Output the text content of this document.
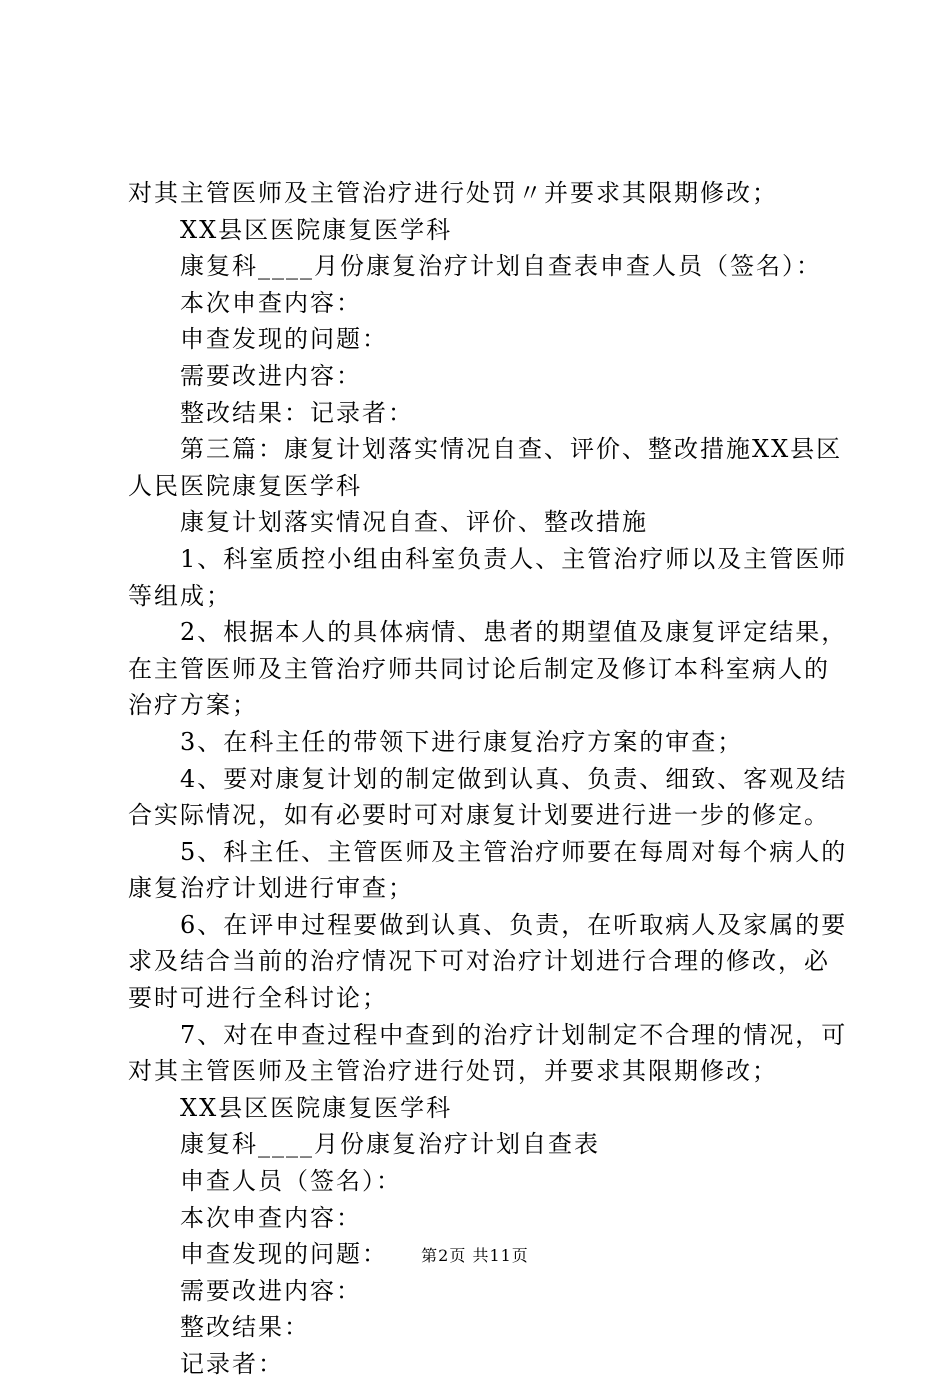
对其主管医师及主管治疗进行处罚〃并要求其限期修改；
XX县区医院康复医学科
康复科____月份康复治疗计划自查表申查人员（签名）：
本次申查内容：
申查发现的问题：
需要改进内容：
整改结果：记录者：
第三篇：康复计划落实情况自查、评价、整改措施XX县区
人民医院康复医学科
康复计划落实情况自查、评价、整改措施
1、科室质控小组由科室负责人、主管治疗师以及主管医师
等组成；
2、根据本人的具体病情、患者的期望值及康复评定结果，
在主管医师及主管治疗师共同讨论后制定及修订本科室病人的
治疗方案；
3、在科主任的带领下进行康复治疗方案的审查；
4、要对康复计划的制定做到认真、负责、细致、客观及结
合实际情况，如有必要时可对康复计划要进行进一步的修定。
5、科主任、主管医师及主管治疗师要在每周对每个病人的
康复治疗计划进行审查；
6、在评申过程要做到认真、负责，在听取病人及家属的要
求及结合当前的治疗情况下可对治疗计划进行合理的修改，必
要时可进行全科讨论；
7、对在申查过程中查到的治疗计划制定不合理的情况，可
对其主管医师及主管治疗进行处罚，并要求其限期修改；
XX县区医院康复医学科
康复科____月份康复治疗计划自查表
申查人员（签名）：
本次申查内容：
申查发现的问题：
需要改进内容：
整改结果：
记录者：
第2页 共11页
